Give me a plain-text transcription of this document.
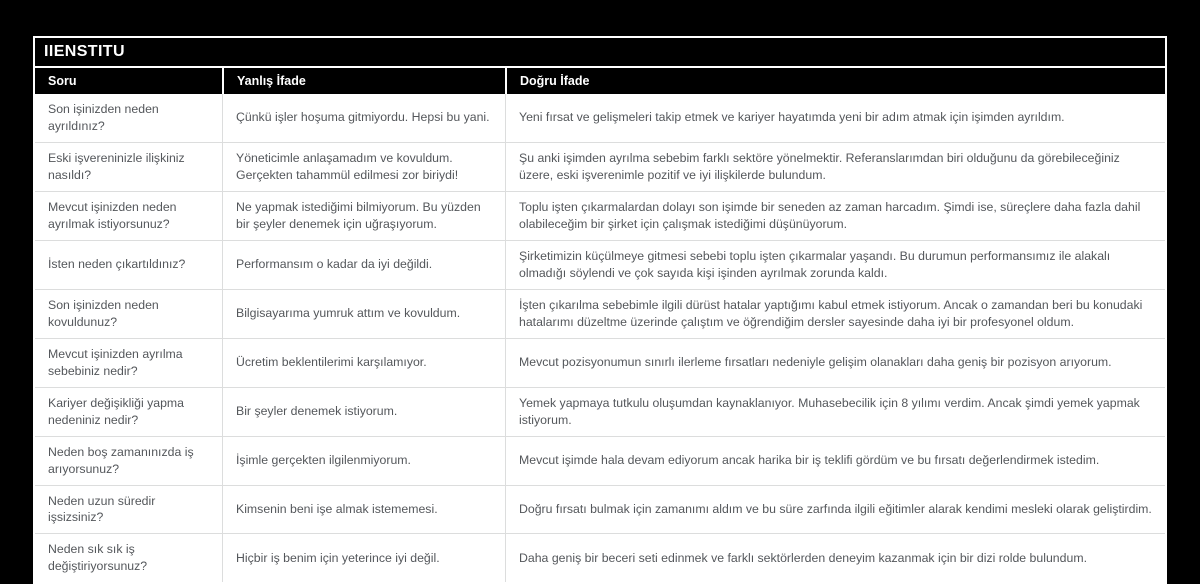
IIENSTITU
Soru	Yanlış İfade	Doğru İfade
Son işinizden neden ayrıldınız?	Çünkü işler hoşuma gitmiyordu. Hepsi bu yani.	Yeni fırsat ve gelişmeleri takip etmek ve kariyer hayatımda yeni bir adım atmak için işimden ayrıldım.
Eski işvereninizle ilişkiniz nasıldı?	Yöneticimle anlaşamadım ve kovuldum. Gerçekten tahammül edilmesi zor biriydi!	Şu anki işimden ayrılma sebebim farklı sektöre yönelmektir. Referanslarımdan biri olduğunu da görebileceğiniz üzere, eski işverenimle pozitif ve iyi ilişkilerde bulundum.
Mevcut işinizden neden ayrılmak istiyorsunuz?	Ne yapmak istediğimi bilmiyorum. Bu yüzden bir şeyler denemek için uğraşıyorum.	Toplu işten çıkarmalardan dolayı son işimde bir seneden az zaman harcadım. Şimdi ise, süreçlere daha fazla dahil olabileceğim bir şirket için çalışmak istediğimi düşünüyorum.
İsten neden çıkartıldınız?	Performansım o kadar da iyi değildi.	Şirketimizin küçülmeye gitmesi sebebi toplu işten çıkarmalar yaşandı. Bu durumun performansımız ile alakalı olmadığı söylendi ve çok sayıda kişi işinden ayrılmak zorunda kaldı.
Son işinizden neden kovuldunuz?	Bilgisayarıma yumruk attım ve kovuldum.	İşten çıkarılma sebebimle ilgili dürüst hatalar yaptığımı kabul etmek istiyorum. Ancak o zamandan beri bu konudaki hatalarımı düzeltme üzerinde çalıştım ve öğrendiğim dersler sayesinde daha iyi bir profesyonel oldum.
Mevcut işinizden ayrılma sebebiniz nedir?	Ücretim beklentilerimi karşılamıyor.	Mevcut pozisyonumun sınırlı ilerleme fırsatları nedeniyle gelişim olanakları daha geniş bir pozisyon arıyorum.
Kariyer değişikliği yapma nedeniniz nedir?	Bir şeyler denemek istiyorum.	Yemek yapmaya tutkulu oluşumdan kaynaklanıyor. Muhasebecilik için 8 yılımı verdim. Ancak şimdi yemek yapmak istiyorum.
Neden boş zamanınızda iş arıyorsunuz?	İşimle gerçekten ilgilenmiyorum.	Mevcut işimde hala devam ediyorum ancak harika bir iş teklifi gördüm ve bu fırsatı değerlendirmek istedim.
Neden uzun süredir işsizsiniz?	Kimsenin beni işe almak istememesi.	Doğru fırsatı bulmak için zamanımı aldım ve bu süre zarfında ilgili eğitimler alarak kendimi mesleki olarak geliştirdim.
Neden sık sık iş değiştiriyorsunuz?	Hiçbir iş benim için yeterince iyi değil.	Daha geniş bir beceri seti edinmek ve farklı sektörlerden deneyim kazanmak için bir dizi rolde bulundum.
